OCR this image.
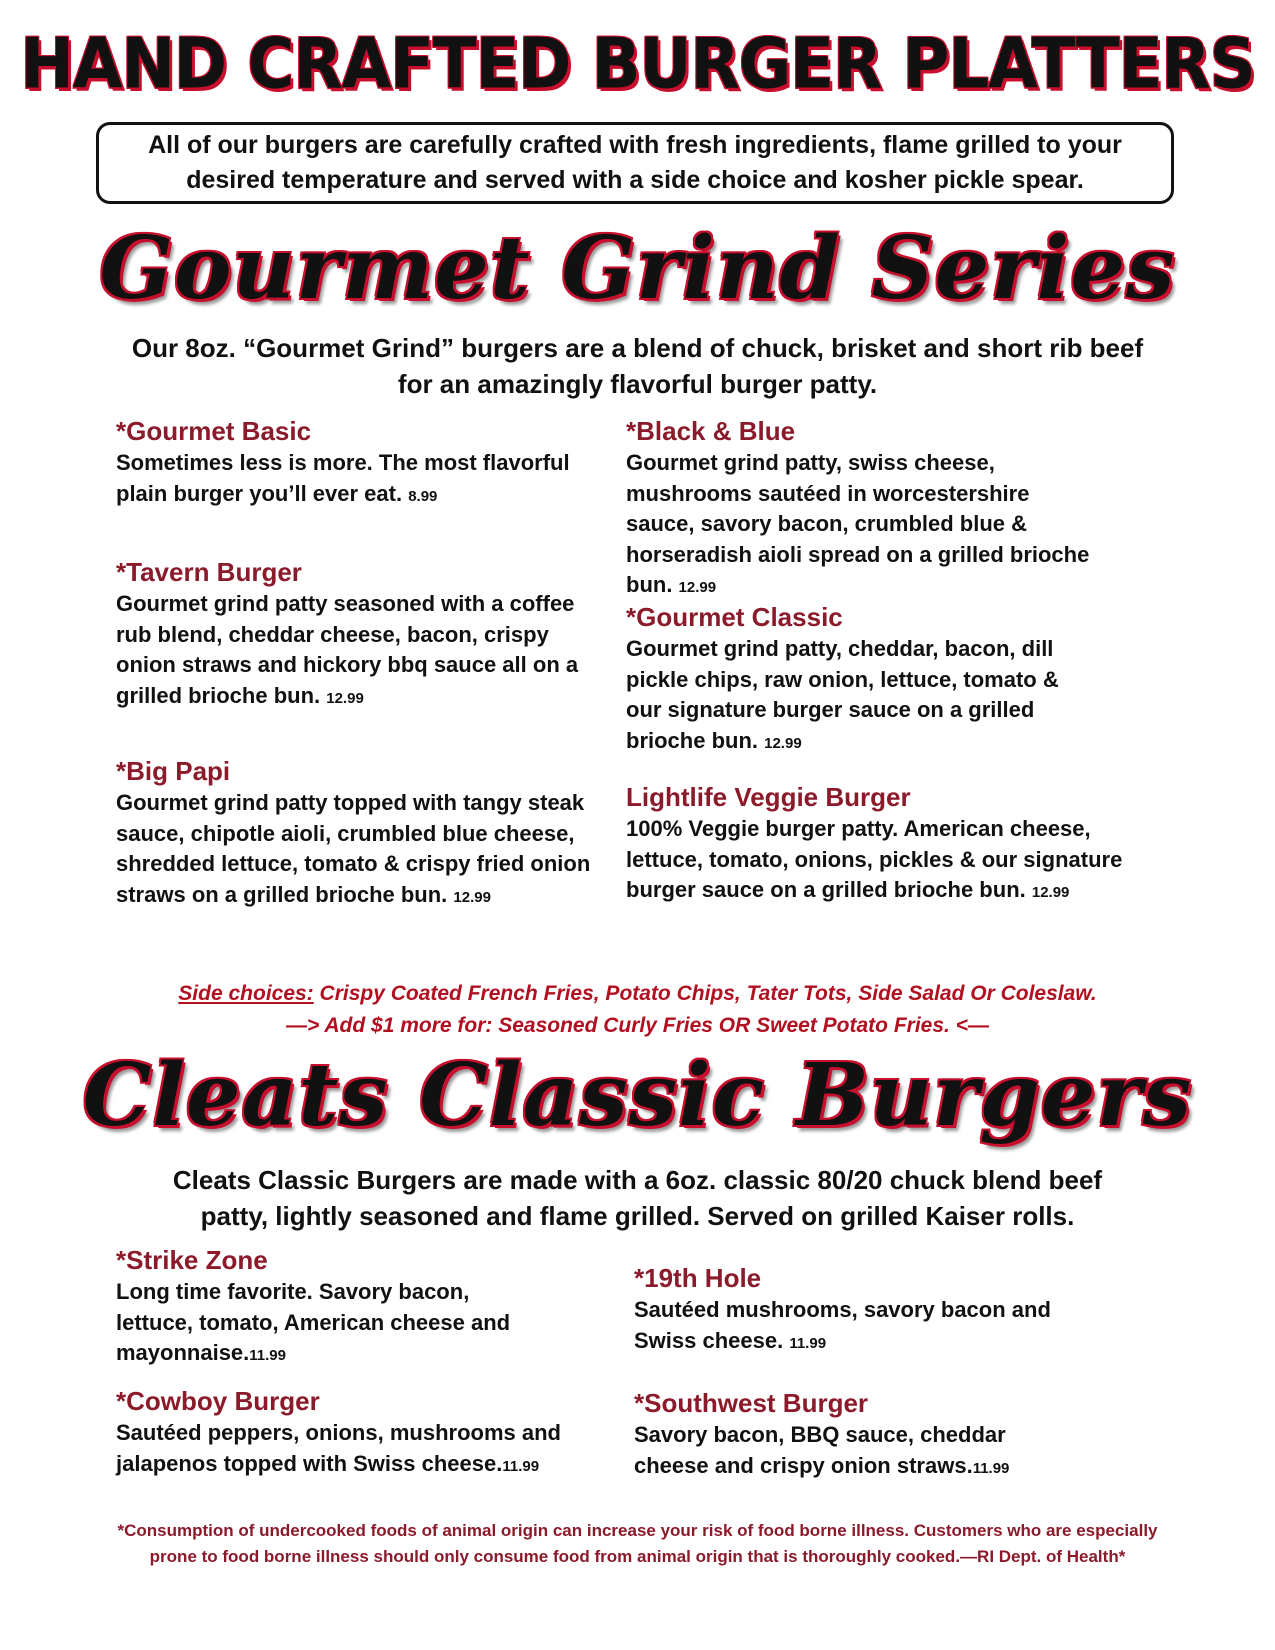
HAND CRAFTED BURGER PLATTERS
All of our burgers are carefully crafted with fresh ingredients, flame grilled to your
desired temperature and served with a side choice and kosher pickle spear.
Gourmet Grind Series
Our 8oz. “Gourmet Grind” burgers are a blend of chuck, brisket and short rib beef
for an amazingly flavorful burger patty.
*Gourmet Basic
Sometimes less is more. The most flavorful plain burger you’ll ever eat. 8.99
*Tavern Burger
Gourmet grind patty seasoned with a coffee rub blend, cheddar cheese, bacon, crispy onion straws and hickory bbq sauce all on a grilled brioche bun. 12.99
*Big Papi
Gourmet grind patty topped with tangy steak sauce, chipotle aioli, crumbled blue cheese, shredded lettuce, tomato & crispy fried onion straws on a grilled brioche bun. 12.99
*Black & Blue
Gourmet grind patty, swiss cheese, mushrooms sautéed in worcestershire sauce, savory bacon, crumbled blue & horseradish aioli spread on a grilled brioche bun. 12.99
*Gourmet Classic
Gourmet grind patty, cheddar, bacon, dill pickle chips, raw onion, lettuce, tomato & our signature burger sauce on a grilled brioche bun. 12.99
Lightlife Veggie Burger
100% Veggie burger patty. American cheese, lettuce, tomato, onions, pickles & our signature burger sauce on a grilled brioche bun. 12.99
Side choices: Crispy Coated French Fries, Potato Chips, Tater Tots, Side Salad Or Coleslaw.
—> Add $1 more for: Seasoned Curly Fries OR Sweet Potato Fries. <—
Cleats Classic Burgers
Cleats Classic Burgers are made with a 6oz. classic 80/20 chuck blend beef
patty, lightly seasoned and flame grilled. Served on grilled Kaiser rolls.
*Strike Zone
Long time favorite. Savory bacon, lettuce, tomato, American cheese and mayonnaise.11.99
*Cowboy Burger
Sautéed peppers, onions, mushrooms and jalapenos topped with Swiss cheese.11.99
*19th Hole
Sautéed mushrooms, savory bacon and Swiss cheese. 11.99
*Southwest Burger
Savory bacon, BBQ sauce, cheddar cheese and crispy onion straws.11.99
*Consumption of undercooked foods of animal origin can increase your risk of food borne illness. Customers who are especially
prone to food borne illness should only consume food from animal origin that is thoroughly cooked.—RI Dept. of Health*
